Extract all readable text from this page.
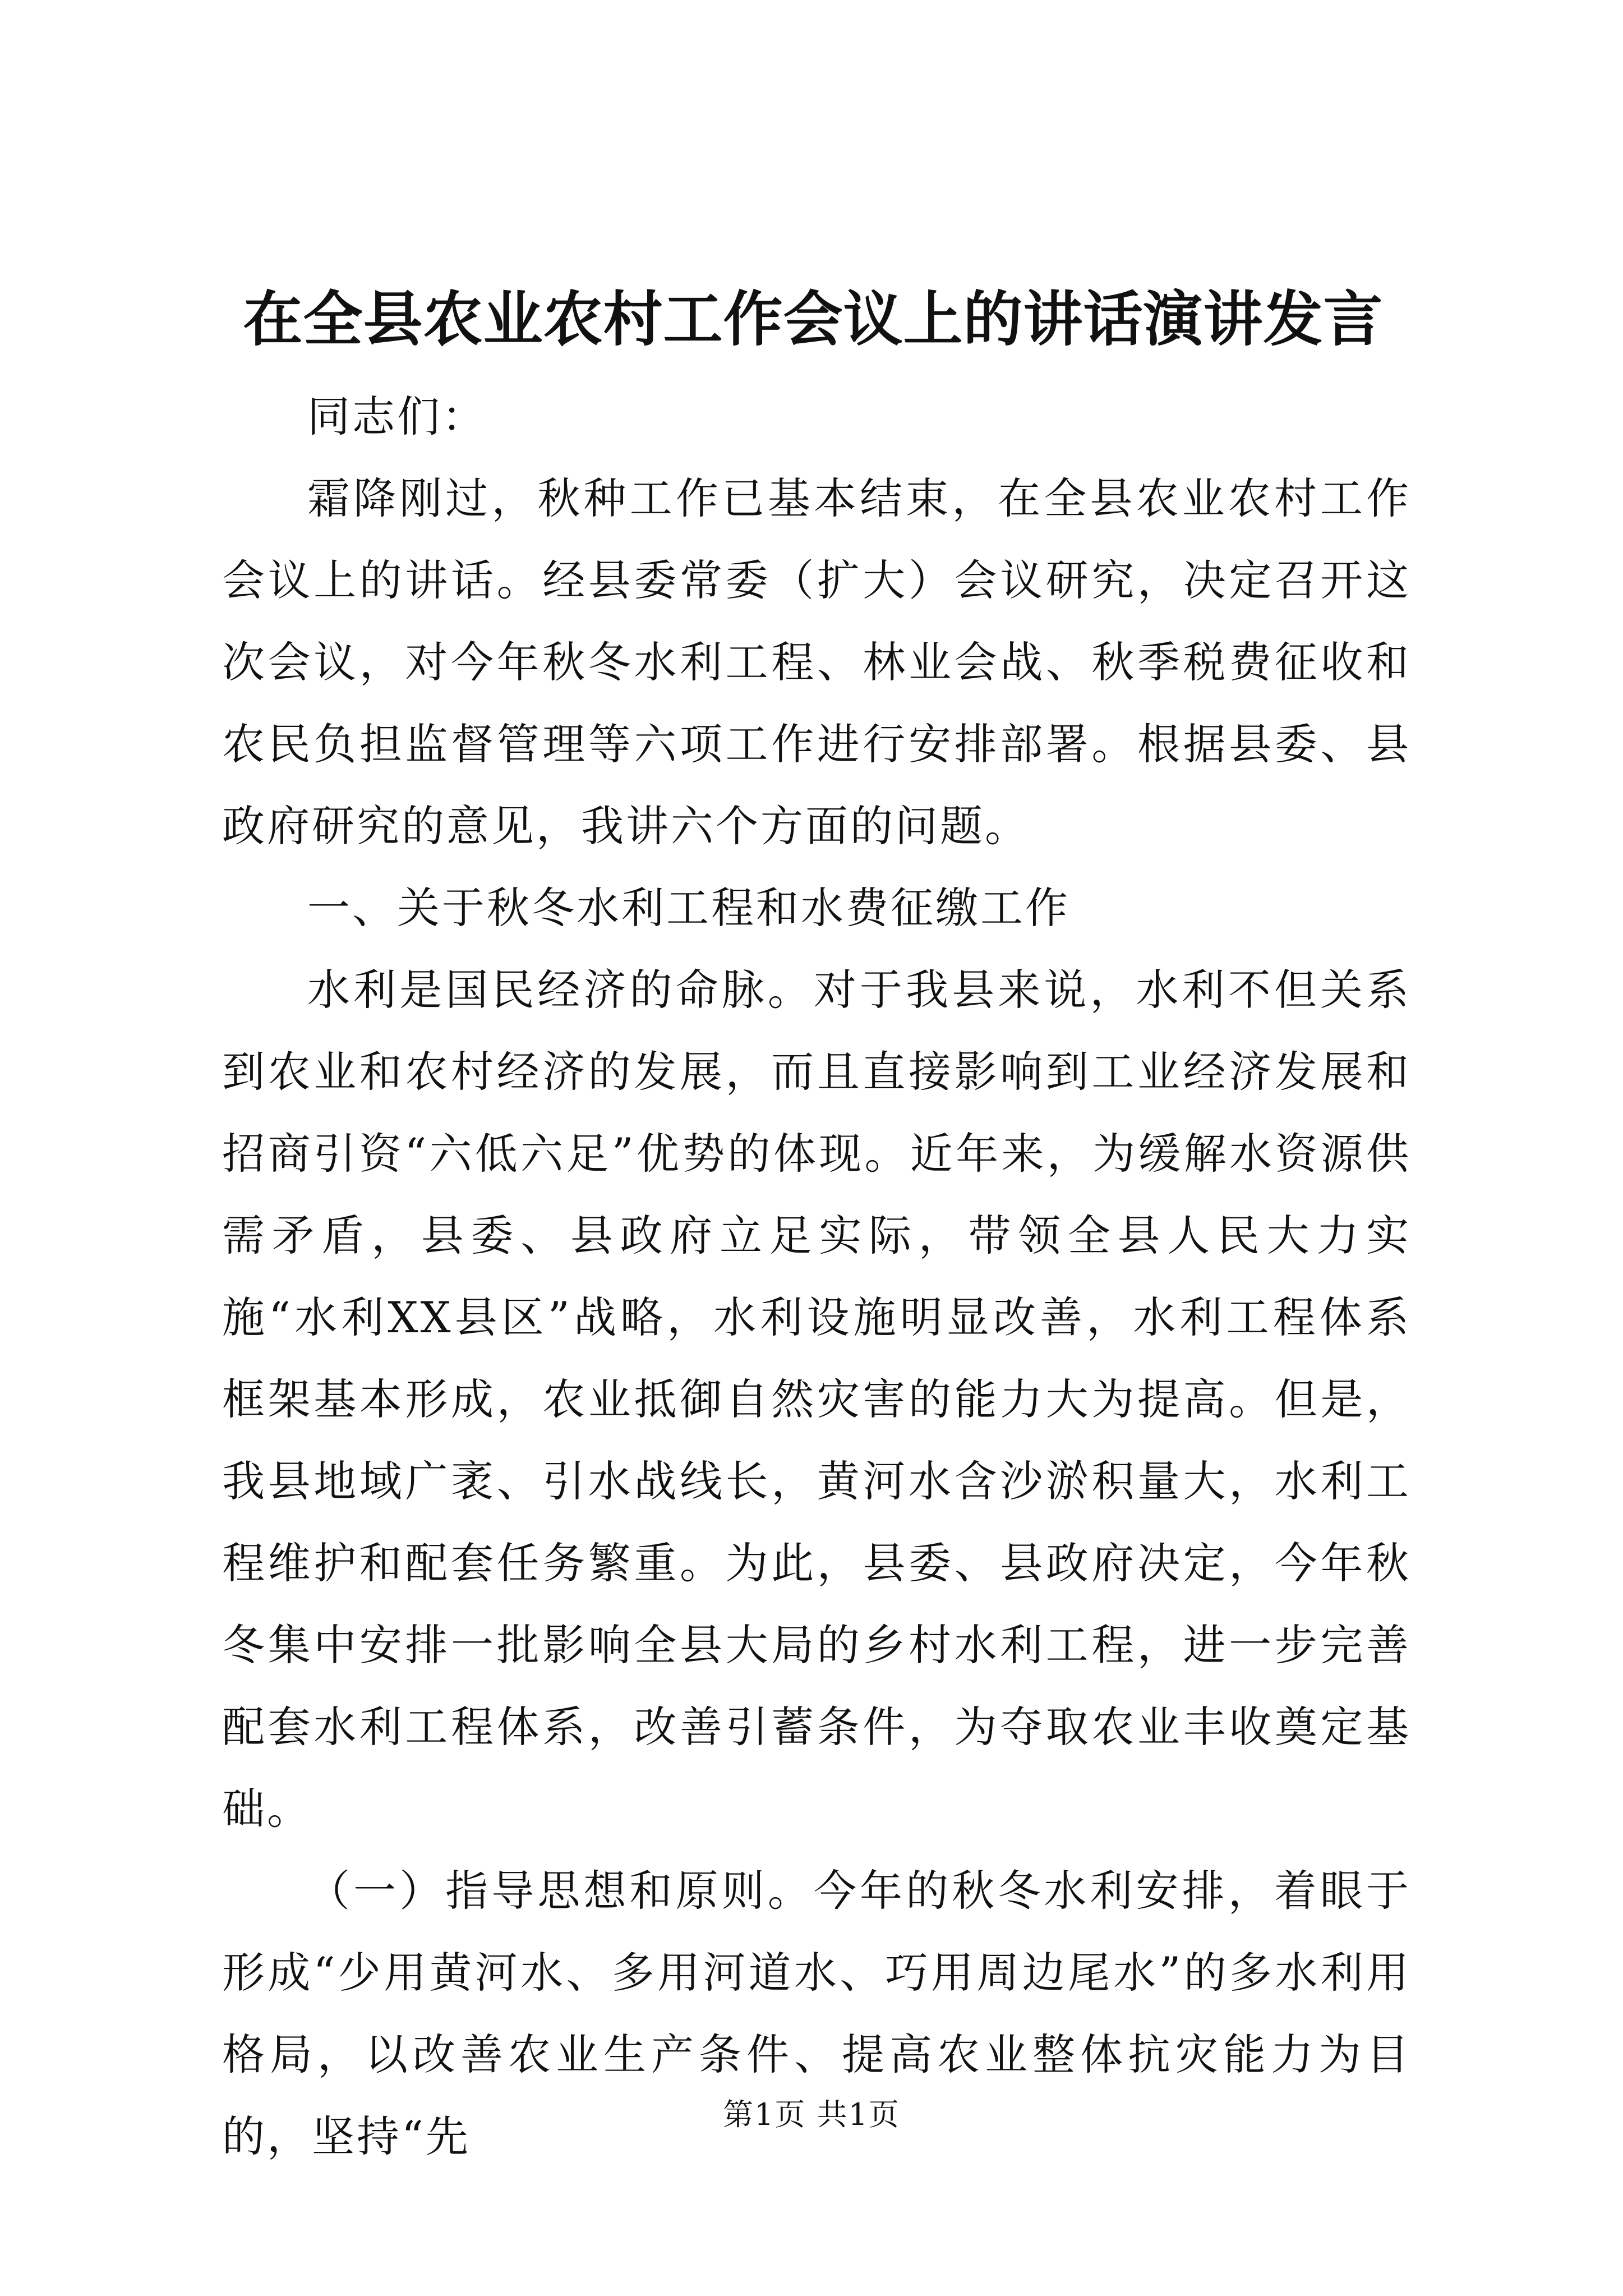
在全县农业农村工作会议上的讲话演讲发言

同志们：

霜降刚过，秋种工作已基本结束，在全县农业农村工作会议上的讲话。经县委常委（扩大）会议研究，决定召开这次会议，对今年秋冬水利工程、林业会战、秋季税费征收和农民负担监督管理等六项工作进行安排部署。根据县委、县政府研究的意见，我讲六个方面的问题。

一、关于秋冬水利工程和水费征缴工作

水利是国民经济的命脉。对于我县来说，水利不但关系到农业和农村经济的发展，而且直接影响到工业经济发展和招商引资“六低六足”优势的体现。近年来，为缓解水资源供需矛盾，县委、县政府立足实际，带领全县人民大力实施“水利XX县区”战略，水利设施明显改善，水利工程体系框架基本形成，农业抵御自然灾害的能力大为提高。但是，我县地域广袤、引水战线长，黄河水含沙淤积量大，水利工程维护和配套任务繁重。为此，县委、县政府决定，今年秋冬集中安排一批影响全县大局的乡村水利工程，进一步完善配套水利工程体系，改善引蓄条件，为夺取农业丰收奠定基础。

（一）指导思想和原则。今年的秋冬水利安排，着眼于形成“少用黄河水、多用河道水、巧用周边尾水”的多水利用格局，以改善农业生产条件、提高农业整体抗灾能力为目的，坚持“先	第1页 共1页
